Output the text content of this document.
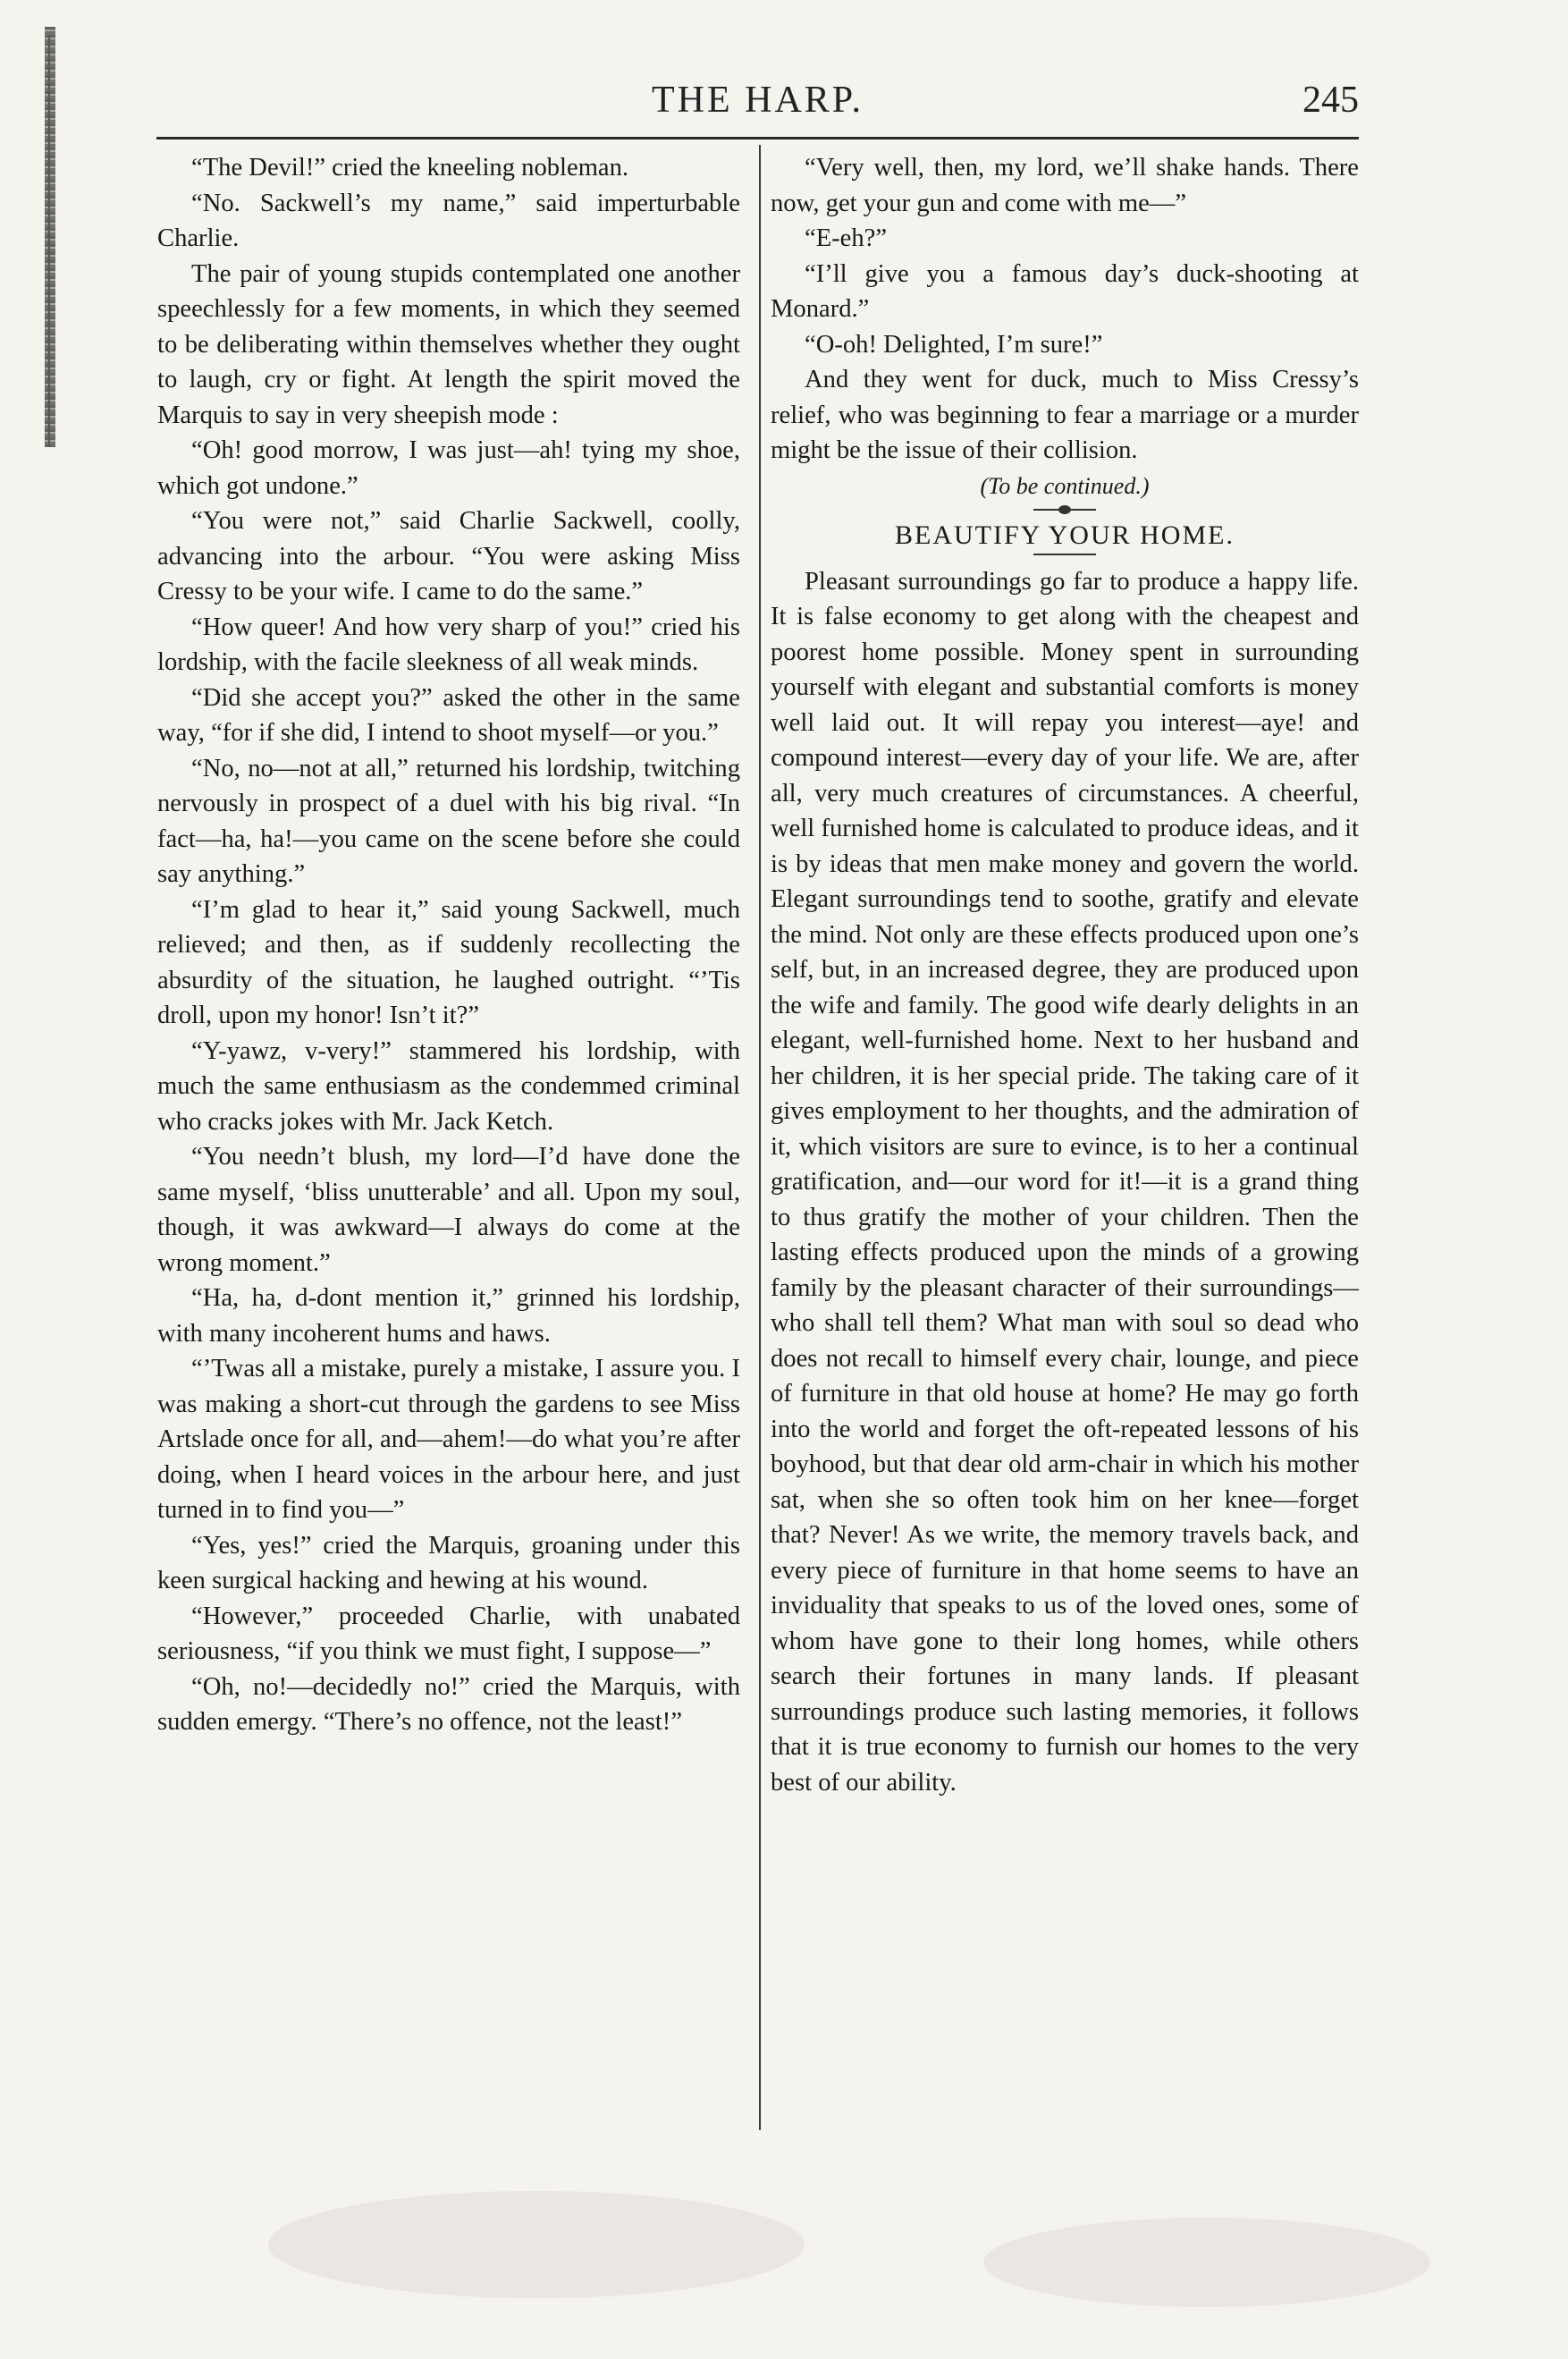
THE HARP.	245

“The Devil!” cried the kneeling nobleman.

“No. Sackwell’s my name,” said imperturbable Charlie.

The pair of young stupids contemplated one another speechlessly for a few moments, in which they seemed to be deliberating within themselves whether they ought to laugh, cry or fight. At length the spirit moved the Marquis to say in very sheepish mode :

“Oh! good morrow, I was just—ah! tying my shoe, which got undone.”

“You were not,” said Charlie Sackwell, coolly, advancing into the arbour. “You were asking Miss Cressy to be your wife. I came to do the same.”

“How queer! And how very sharp of you!” cried his lordship, with the facile sleekness of all weak minds.

“Did she accept you?” asked the other in the same way, “for if she did, I intend to shoot myself—or you.”

“No, no—not at all,” returned his lordship, twitching nervously in prospect of a duel with his big rival. “In fact—ha, ha!—you came on the scene before she could say anything.”

“I’m glad to hear it,” said young Sackwell, much relieved; and then, as if suddenly recollecting the absurdity of the situation, he laughed outright. “’Tis droll, upon my honor! Isn’t it?”

“Y-yawz, v-very!” stammered his lordship, with much the same enthusiasm as the condemmed criminal who cracks jokes with Mr. Jack Ketch.

“You needn’t blush, my lord—I’d have done the same myself, ‘bliss unutterable’ and all. Upon my soul, though, it was awkward—I always do come at the wrong moment.”

“Ha, ha, d-dont mention it,” grinned his lordship, with many incoherent hums and haws.

“’Twas all a mistake, purely a mistake, I assure you. I was making a short-cut through the gardens to see Miss Artslade once for all, and—ahem!—do what you’re after doing, when I heard voices in the arbour here, and just turned in to find you—”

“Yes, yes!” cried the Marquis, groaning under this keen surgical hacking and hewing at his wound.

“However,” proceeded Charlie, with unabated seriousness, “if you think we must fight, I suppose—”

“Oh, no!—decidedly no!” cried the Marquis, with sudden emergy. “There’s no offence, not the least!”

“Very well, then, my lord, we’ll shake hands. There now, get your gun and come with me—”

“E-eh?”

“I’ll give you a famous day’s duck-shooting at Monard.”

“O-oh! Delighted, I’m sure!”

And they went for duck, much to Miss Cressy’s relief, who was beginning to fear a marriage or a murder might be the issue of their collision.

(To be continued.)

BEAUTIFY YOUR HOME.

Pleasant surroundings go far to produce a happy life. It is false economy to get along with the cheapest and poorest home possible. Money spent in surrounding yourself with elegant and substantial comforts is money well laid out. It will repay you interest—aye! and compound interest—every day of your life. We are, after all, very much creatures of circumstances. A cheerful, well furnished home is calculated to produce ideas, and it is by ideas that men make money and govern the world. Elegant surroundings tend to soothe, gratify and elevate the mind. Not only are these effects produced upon one’s self, but, in an increased degree, they are produced upon the wife and family. The good wife dearly delights in an elegant, well-furnished home. Next to her husband and her children, it is her special pride. The taking care of it gives employment to her thoughts, and the admiration of it, which visitors are sure to evince, is to her a continual gratification, and—our word for it!—it is a grand thing to thus gratify the mother of your children. Then the lasting effects produced upon the minds of a growing family by the pleasant character of their surroundings—who shall tell them? What man with soul so dead who does not recall to himself every chair, lounge, and piece of furniture in that old house at home? He may go forth into the world and forget the oft-repeated lessons of his boyhood, but that dear old arm-chair in which his mother sat, when she so often took him on her knee—forget that? Never! As we write, the memory travels back, and every piece of furniture in that home seems to have an inviduality that speaks to us of the loved ones, some of whom have gone to their long homes, while others search their fortunes in many lands. If pleasant surroundings produce such lasting memories, it follows that it is true economy to furnish our homes to the very best of our ability.
